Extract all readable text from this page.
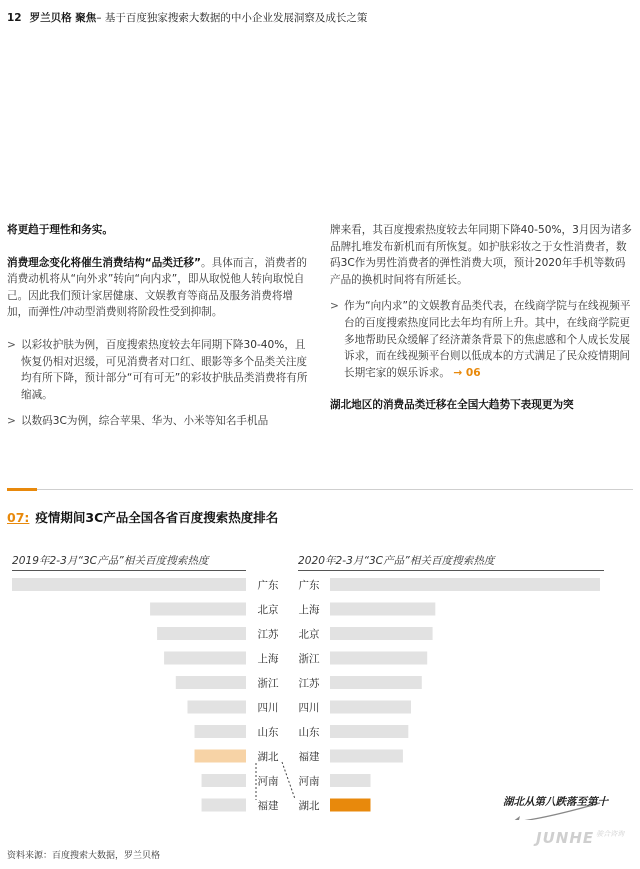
12 罗兰贝格 聚焦– 基于百度独家搜索大数据的中小企业发展洞察及成长之策

将更趋于理性和务实。

消费理念变化将催生消费结构“品类迁移”。具体而言，消费者的消费动机将从“向外求”转向“向内求”，即从取悦他人转向取悦自己。因此我们预计家居健康、文娱教育等商品及服务消费将增加，而弹性/冲动型消费则将阶段性受到抑制。

> 以彩妆护肤为例，百度搜索热度较去年同期下降30-40%，且恢复仍相对迟缓，可见消费者对口红、眼影等多个品类关注度均有所下降，预计部分“可有可无”的彩妆护肤品类消费将有所缩减。

> 以数码3C为例，综合苹果、华为、小米等知名手机品

牌来看，其百度搜索热度较去年同期下降40-50%，3月因为诸多品牌扎堆发布新机而有所恢复。如护肤彩妆之于女性消费者，数码3C作为男性消费者的弹性消费大项，预计2020年手机等数码产品的换机时间将有所延长。

> 作为“向内求”的文娱教育品类代表，在线商学院与在线视频平台的百度搜索热度同比去年均有所上升。其中，在线商学院更多地帮助民众缓解了经济萧条背景下的焦虑感和个人成长发展诉求，而在线视频平台则以低成本的方式满足了民众疫情期间长期宅家的娱乐诉求。 → 06

湖北地区的消费品类迁移在全国大趋势下表现更为突

07: 疫情期间3C产品全国各省百度搜索热度排名
2019年2-3月“3C产品”相关百度搜索热度	2020年2-3月“3C产品”相关百度搜索热度
广东
北京
江苏
上海
浙江
四川
山东
湖北
河南
福建
广东
上海
北京
浙江
江苏
四川
山东
福建
河南
湖北	湖北从第八跌落至第十
资料来源：百度搜索大数据，罗兰贝格
JUNHE $^{骏合咨询}$
